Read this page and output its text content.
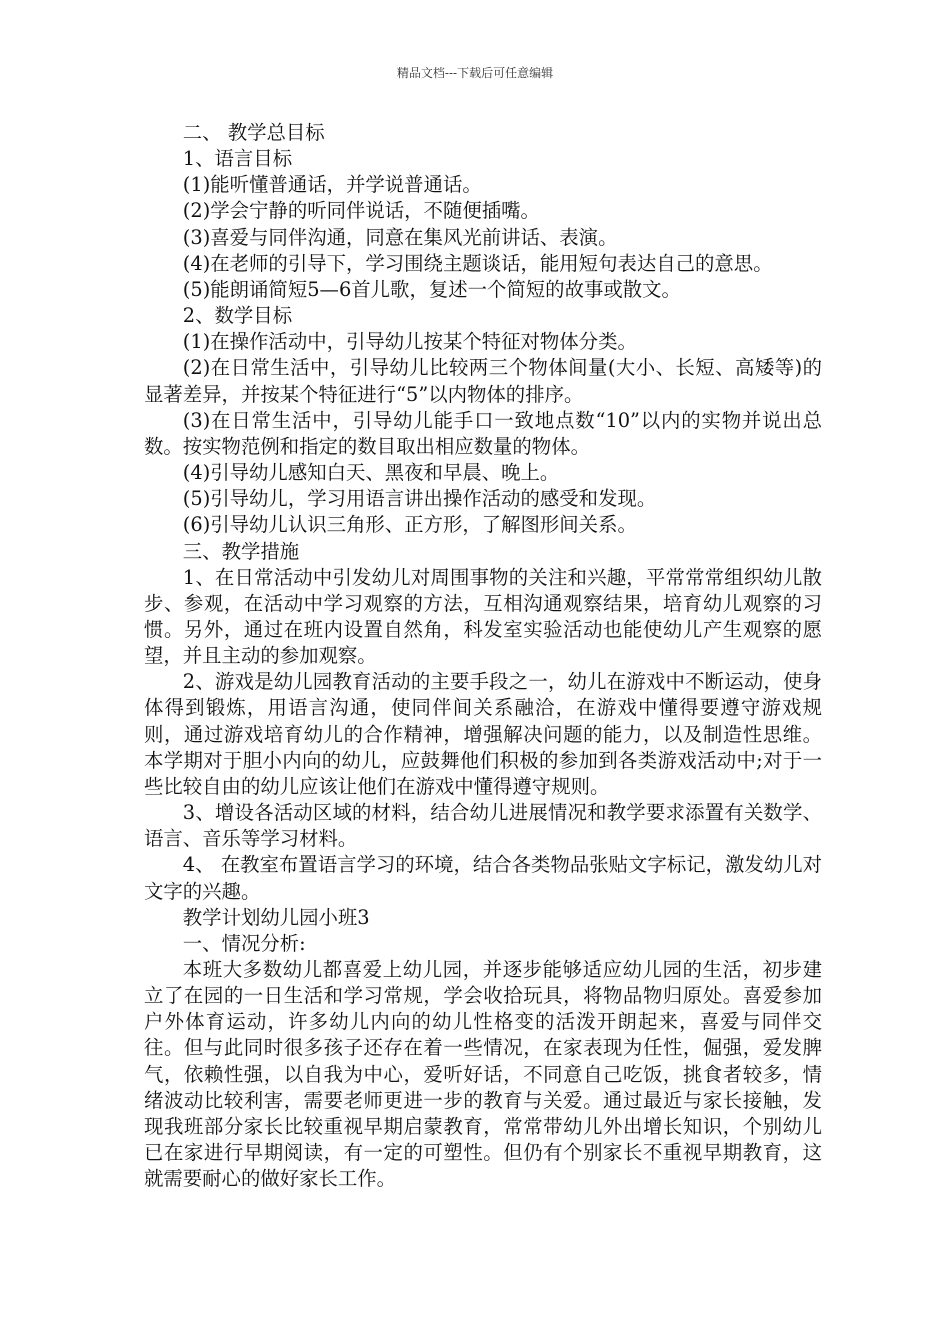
精品文档---下载后可任意编辑

二、 教学总目标

1、语言目标

(1)能听懂普通话，并学说普通话。

(2)学会宁静的听同伴说话，不随便插嘴。

(3)喜爱与同伴沟通，同意在集风光前讲话、表演。

(4)在老师的引导下，学习围绕主题谈话，能用短句表达自己的意思。

(5)能朗诵简短5—6首儿歌，复述一个简短的故事或散文。

2、数学目标

(1)在操作活动中，引导幼儿按某个特征对物体分类。

(2)在日常生活中，引导幼儿比较两三个物体间量(大小、长短、高矮等)的显著差异，并按某个特征进行“5”以内物体的排序。

(3)在日常生活中，引导幼儿能手口一致地点数“10”以内的实物并说出总数。按实物范例和指定的数目取出相应数量的物体。

(4)引导幼儿感知白天、黑夜和早晨、晚上。

(5)引导幼儿，学习用语言讲出操作活动的感受和发现。

(6)引导幼儿认识三角形、正方形，了解图形间关系。

三、教学措施

1、在日常活动中引发幼儿对周围事物的关注和兴趣，平常常常组织幼儿散步、参观，在活动中学习观察的方法，互相沟通观察结果，培育幼儿观察的习惯。另外，通过在班内设置自然角，科发室实验活动也能使幼儿产生观察的愿望，并且主动的参加观察。

2、游戏是幼儿园教育活动的主要手段之一，幼儿在游戏中不断运动，使身体得到锻炼，用语言沟通，使同伴间关系融洽，在游戏中懂得要遵守游戏规则，通过游戏培育幼儿的合作精神，增强解决问题的能力，以及制造性思维。本学期对于胆小内向的幼儿，应鼓舞他们积极的参加到各类游戏活动中;对于一些比较自由的幼儿应该让他们在游戏中懂得遵守规则。

3、增设各活动区域的材料，结合幼儿进展情况和教学要求添置有关数学、语言、音乐等学习材料。

4、 在教室布置语言学习的环境，结合各类物品张贴文字标记，激发幼儿对文字的兴趣。

教学计划幼儿园小班3

一、情况分析:

本班大多数幼儿都喜爱上幼儿园，并逐步能够适应幼儿园的生活，初步建立了在园的一日生活和学习常规，学会收拾玩具，将物品物归原处。喜爱参加户外体育运动，许多幼儿内向的幼儿性格变的活泼开朗起来，喜爱与同伴交往。但与此同时很多孩子还存在着一些情况，在家表现为任性，倔强，爱发脾气，依赖性强，以自我为中心，爱听好话，不同意自己吃饭，挑食者较多，情绪波动比较利害，需要老师更进一步的教育与关爱。通过最近与家长接触，发现我班部分家长比较重视早期启蒙教育，常常带幼儿外出增长知识，个别幼儿已在家进行早期阅读，有一定的可塑性。但仍有个别家长不重视早期教育，这就需要耐心的做好家长工作。
